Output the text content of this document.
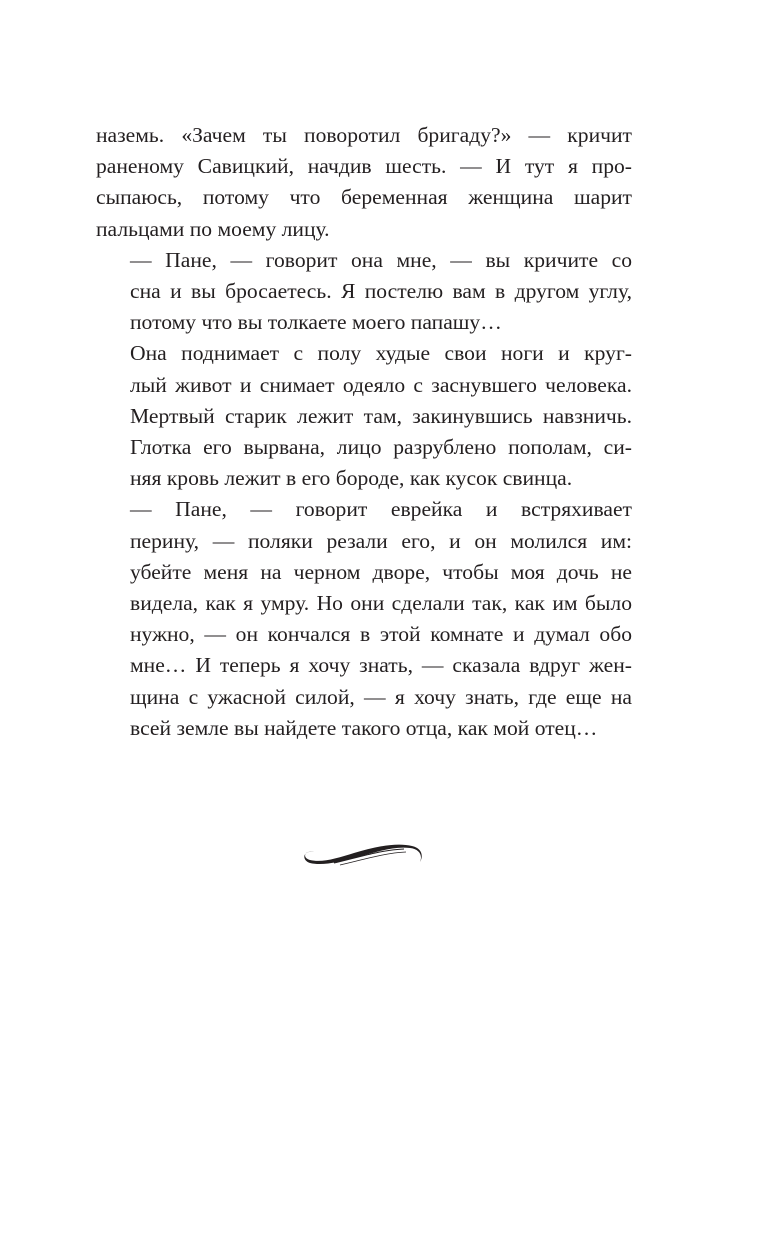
наземь. «Зачем ты поворотил бригаду?» — кричит
раненому Савицкий, начдив шесть. — И тут я про-
сыпаюсь, потому что беременная женщина шарит
пальцами по моему лицу.

— Пане, — говорит она мне, — вы кричите со
сна и вы бросаетесь. Я постелю вам в другом углу,
потому что вы толкаете моего папашу…

Она поднимает с полу худые свои ноги и круг-
лый живот и снимает одеяло с заснувшего человека.
Мертвый старик лежит там, закинувшись навзничь.
Глотка его вырвана, лицо разрублено пополам, си-
няя кровь лежит в его бороде, как кусок свинца.

— Пане, — говорит еврейка и встряхивает
перину, — поляки резали его, и он молился им:
убейте меня на черном дворе, чтобы моя дочь не
видела, как я умру. Но они сделали так, как им было
нужно, — он кончался в этой комнате и думал обо
мне… И теперь я хочу знать, — сказала вдруг жен-
щина с ужасной силой, — я хочу знать, где еще на
всей земле вы найдете такого отца, как мой отец…
